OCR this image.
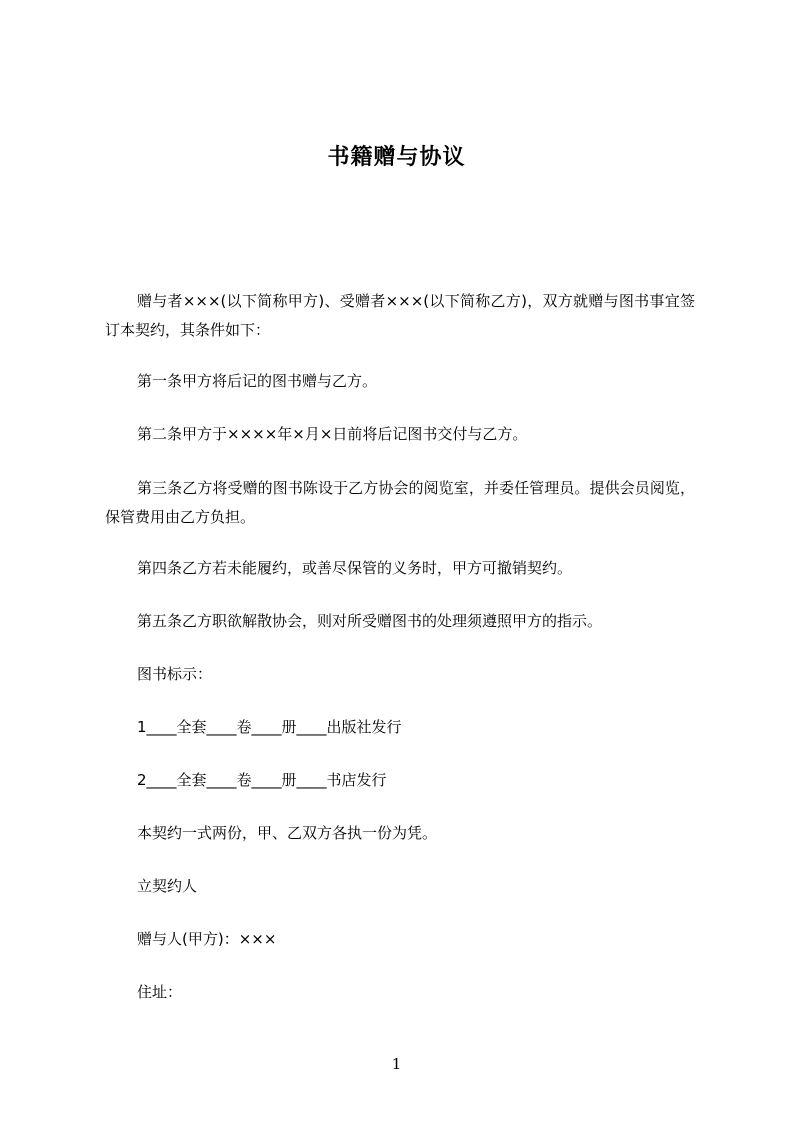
书籍赠与协议
赠与者×××(以下简称甲方)、受赠者×××(以下简称乙方)，双方就赠与图书事宜签订本契约，其条件如下：
第一条甲方将后记的图书赠与乙方。
第二条甲方于××××年×月×日前将后记图书交付与乙方。
第三条乙方将受赠的图书陈设于乙方协会的阅览室，并委任管理员。提供会员阅览，保管费用由乙方负担。
第四条乙方若未能履约，或善尽保管的义务时，甲方可撤销契约。
第五条乙方职欲解散协会，则对所受赠图书的处理须遵照甲方的指示。
图书标示：
1____全套____卷____册____出版社发行
2____全套____卷____册____书店发行
本契约一式两份，甲、乙双方各执一份为凭。
立契约人
赠与人(甲方)：×××
住址：
1
